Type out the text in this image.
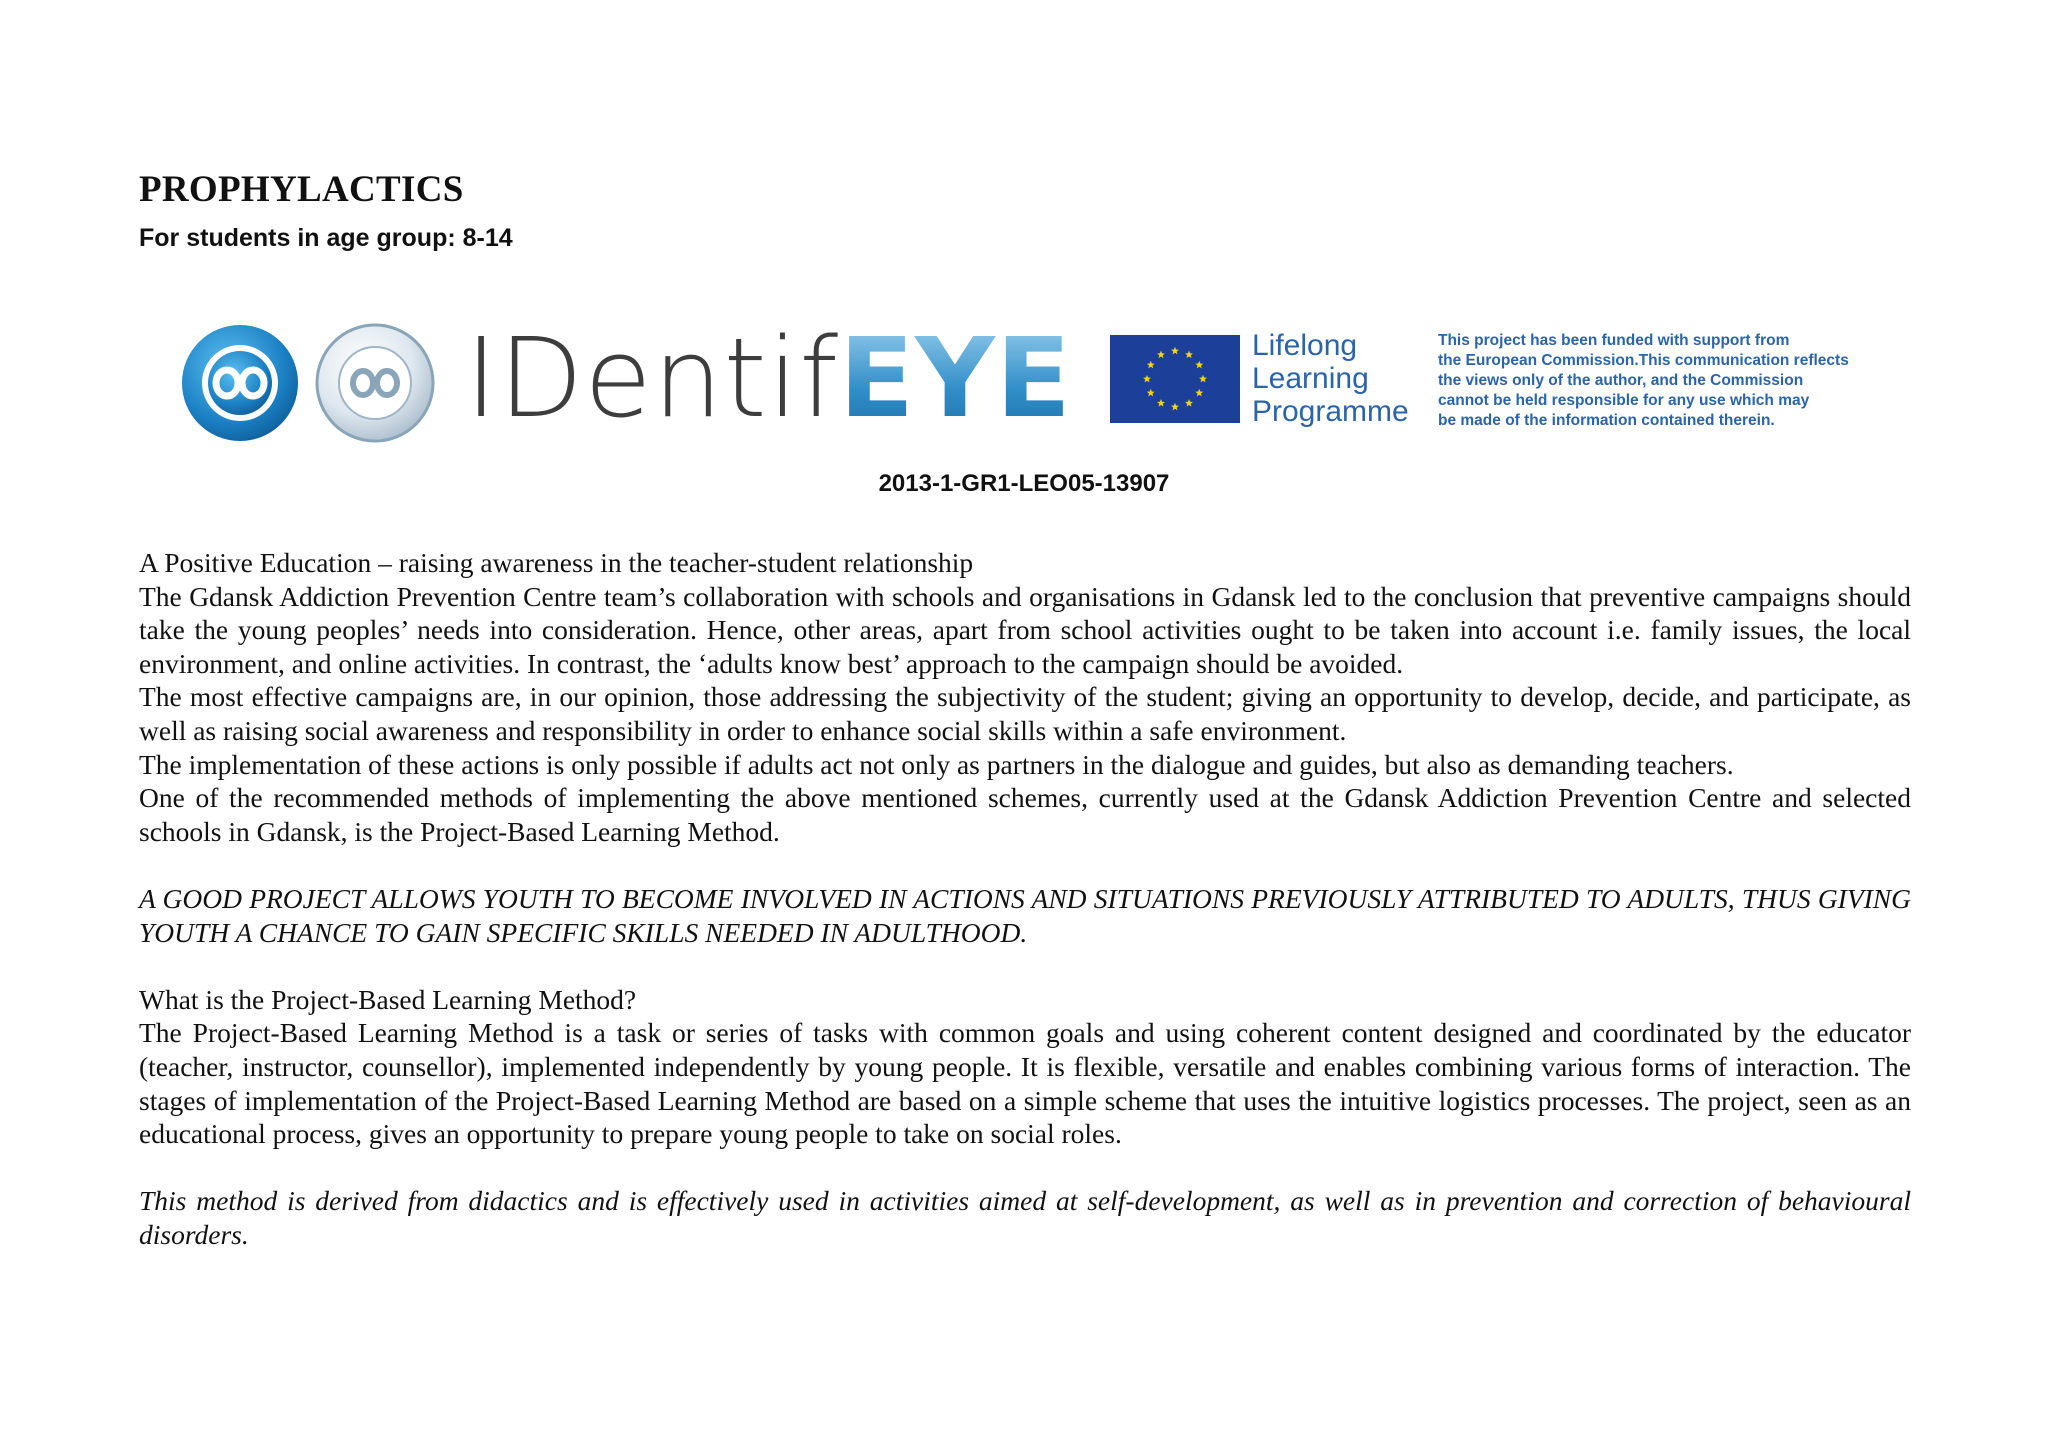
PROPHYLACTICS
For students in age group: 8-14
IDentifEYE	Lifelong
Learning
Programme
This project has been funded with support from
the European Commission.This communication reflects
the views only of the author, and the Commission
cannot be held responsible for any use which may
be made of the information contained therein.
2013-1-GR1-LEO05-13907

A Positive Education – raising awareness in the teacher-student relationship

The Gdansk Addiction Prevention Centre team’s collaboration with schools and organisations in Gdansk led to the conclusion that preventive campaigns should take the young peoples’ needs into consideration. Hence, other areas, apart from school activities ought to be taken into account i.e. family issues, the local environment, and online activities. In contrast, the ‘adults know best’ approach to the campaign should be avoided.

The most effective campaigns are, in our opinion, those addressing the subjectivity of the student; giving an opportunity to develop, decide, and participate, as well as raising social awareness and responsibility in order to enhance social skills within a safe environment.

The implementation of these actions is only possible if adults act not only as partners in the dialogue and guides, but also as demanding teachers.

One of the recommended methods of implementing the above mentioned schemes, currently used at the Gdansk Addiction Prevention Centre and selected schools in Gdansk, is the Project-Based Learning Method.

A GOOD PROJECT ALLOWS YOUTH TO BECOME INVOLVED IN ACTIONS AND SITUATIONS PREVIOUSLY ATTRIBUTED TO ADULTS, THUS GIVING YOUTH A CHANCE TO GAIN SPECIFIC SKILLS NEEDED IN ADULTHOOD.

What is the Project-Based Learning Method?

The Project-Based Learning Method is a task or series of tasks with common goals and using coherent content designed and coordinated by the educator (teacher, instructor, counsellor), implemented independently by young people. It is flexible, versatile and enables combining various forms of interaction. The stages of implementation of the Project-Based Learning Method are based on a simple scheme that uses the intuitive logistics processes. The project, seen as an educational process, gives an opportunity to prepare young people to take on social roles.

This method is derived from didactics and is effectively used in activities aimed at self-development, as well as in prevention and correction of behavioural disorders.
